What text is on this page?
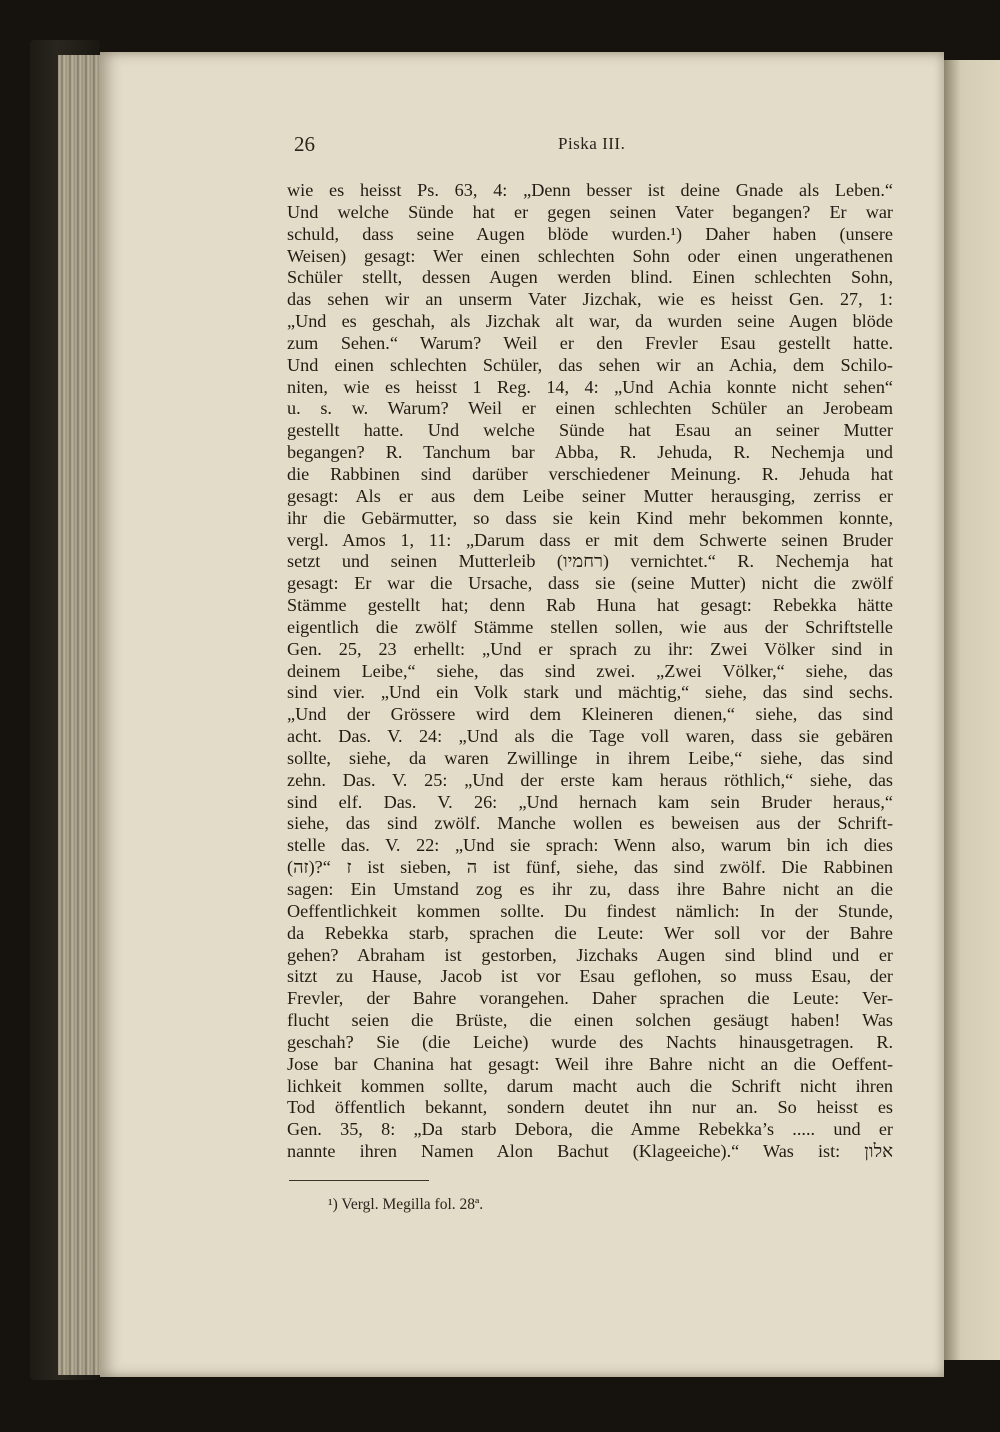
26	Piska III.
wie es heisst Ps. 63, 4: „Denn besser ist deine Gnade als Leben.“
Und welche Sünde hat er gegen seinen Vater begangen? Er war
schuld, dass seine Augen blöde wurden.¹) Daher haben (unsere
Weisen) gesagt: Wer einen schlechten Sohn oder einen ungerathenen
Schüler stellt, dessen Augen werden blind. Einen schlechten Sohn,
das sehen wir an unserm Vater Jizchak, wie es heisst Gen. 27, 1:
„Und es geschah, als Jizchak alt war, da wurden seine Augen blöde
zum Sehen.“ Warum? Weil er den Frevler Esau gestellt hatte.
Und einen schlechten Schüler, das sehen wir an Achia, dem Schilo-
niten, wie es heisst 1 Reg. 14, 4: „Und Achia konnte nicht sehen“
u. s. w. Warum? Weil er einen schlechten Schüler an Jerobeam
gestellt hatte. Und welche Sünde hat Esau an seiner Mutter
begangen? R. Tanchum bar Abba, R. Jehuda, R. Nechemja und
die Rabbinen sind darüber verschiedener Meinung. R. Jehuda hat
gesagt: Als er aus dem Leibe seiner Mutter herausging, zerriss er
ihr die Gebärmutter, so dass sie kein Kind mehr bekommen konnte,
vergl. Amos 1, 11: „Darum dass er mit dem Schwerte seinen Bruder
setzt und seinen Mutterleib (רחמיו) vernichtet.“ R. Nechemja hat
gesagt: Er war die Ursache, dass sie (seine Mutter) nicht die zwölf
Stämme gestellt hat; denn Rab Huna hat gesagt: Rebekka hätte
eigentlich die zwölf Stämme stellen sollen, wie aus der Schriftstelle
Gen. 25, 23 erhellt: „Und er sprach zu ihr: Zwei Völker sind in
deinem Leibe,“ siehe, das sind zwei. „Zwei Völker,“ siehe, das
sind vier. „Und ein Volk stark und mächtig,“ siehe, das sind sechs.
„Und der Grössere wird dem Kleineren dienen,“ siehe, das sind
acht. Das. V. 24: „Und als die Tage voll waren, dass sie gebären
sollte, siehe, da waren Zwillinge in ihrem Leibe,“ siehe, das sind
zehn. Das. V. 25: „Und der erste kam heraus röthlich,“ siehe, das
sind elf. Das. V. 26: „Und hernach kam sein Bruder heraus,“
siehe, das sind zwölf. Manche wollen es beweisen aus der Schrift-
stelle das. V. 22: „Und sie sprach: Wenn also, warum bin ich dies
(זה)?“ ז ist sieben, ה ist fünf, siehe, das sind zwölf. Die Rabbinen
sagen: Ein Umstand zog es ihr zu, dass ihre Bahre nicht an die
Oeffentlichkeit kommen sollte. Du findest nämlich: In der Stunde,
da Rebekka starb, sprachen die Leute: Wer soll vor der Bahre
gehen? Abraham ist gestorben, Jizchaks Augen sind blind und er
sitzt zu Hause, Jacob ist vor Esau geflohen, so muss Esau, der
Frevler, der Bahre vorangehen. Daher sprachen die Leute: Ver-
flucht seien die Brüste, die einen solchen gesäugt haben! Was
geschah? Sie (die Leiche) wurde des Nachts hinausgetragen. R.
Jose bar Chanina hat gesagt: Weil ihre Bahre nicht an die Oeffent-
lichkeit kommen sollte, darum macht auch die Schrift nicht ihren
Tod öffentlich bekannt, sondern deutet ihn nur an. So heisst es
Gen. 35, 8: „Da starb Debora, die Amme Rebekka’s ..... und er
nannte ihren Namen Alon Bachut (Klageeiche).“ Was ist: אלון
¹) Vergl. Megilla fol. 28ª.
